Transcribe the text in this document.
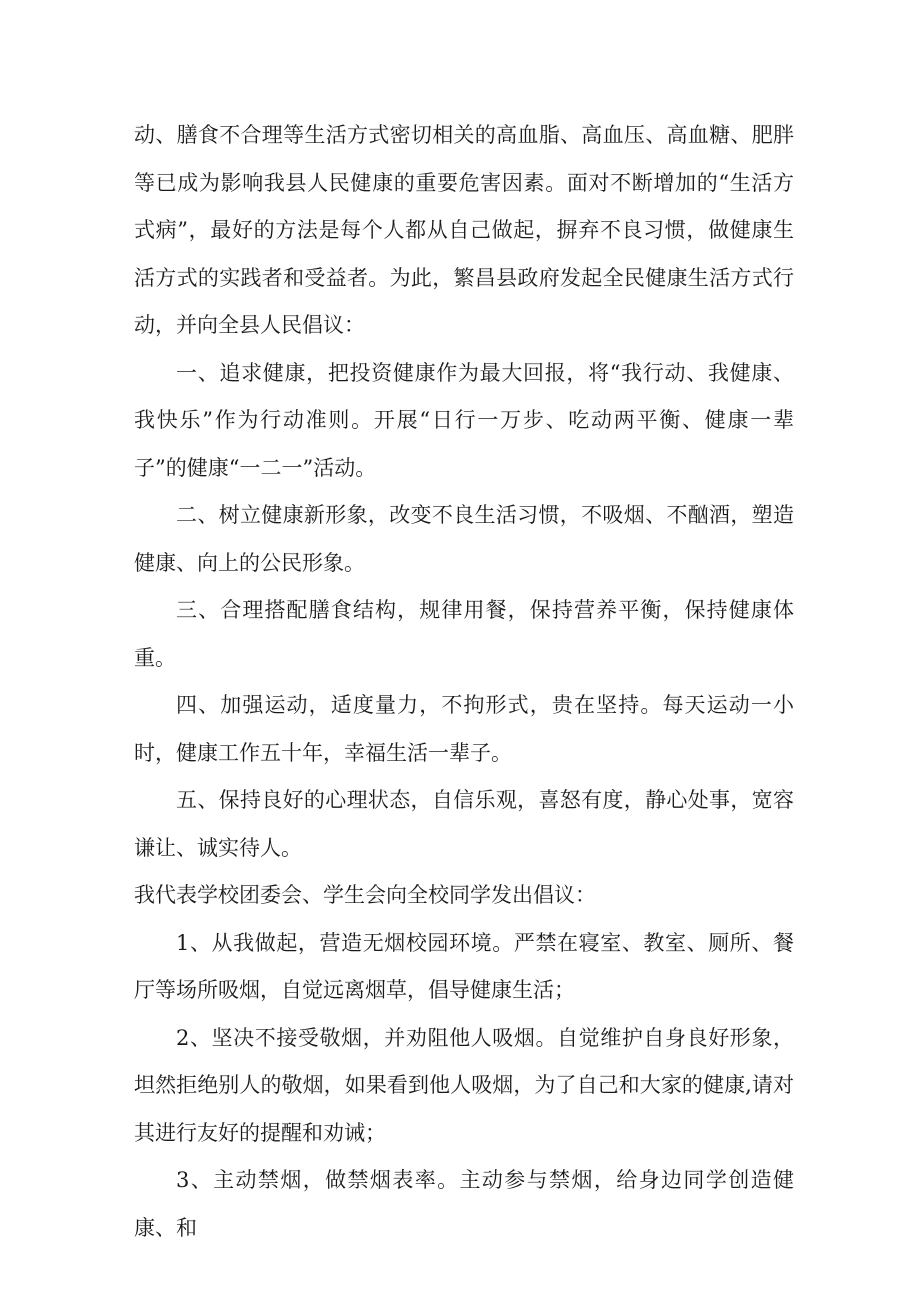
动、膳食不合理等生活方式密切相关的高血脂、高血压、高血糖、肥胖等已成为影响我县人民健康的重要危害因素。面对不断增加的“生活方式病”，最好的方法是每个人都从自己做起，摒弃不良习惯，做健康生活方式的实践者和受益者。为此，繁昌县政府发起全民健康生活方式行动，并向全县人民倡议：

一、追求健康，把投资健康作为最大回报，将“我行动、我健康、我快乐”作为行动准则。开展“日行一万步、吃动两平衡、健康一辈子”的健康“一二一”活动。

二、树立健康新形象，改变不良生活习惯，不吸烟、不酗酒，塑造健康、向上的公民形象。

三、合理搭配膳食结构，规律用餐，保持营养平衡，保持健康体重。

四、加强运动，适度量力，不拘形式，贵在坚持。每天运动一小时，健康工作五十年，幸福生活一辈子。

五、保持良好的心理状态，自信乐观，喜怒有度，静心处事，宽容谦让、诚实待人。

我代表学校团委会、学生会向全校同学发出倡议：

1、从我做起，营造无烟校园环境。严禁在寝室、教室、厕所、餐厅等场所吸烟，自觉远离烟草，倡导健康生活；

2、坚决不接受敬烟，并劝阻他人吸烟。自觉维护自身良好形象，坦然拒绝别人的敬烟，如果看到他人吸烟，为了自己和大家的健康,请对其进行友好的提醒和劝诫；

3、主动禁烟，做禁烟表率。主动参与禁烟，给身边同学创造健康、和
